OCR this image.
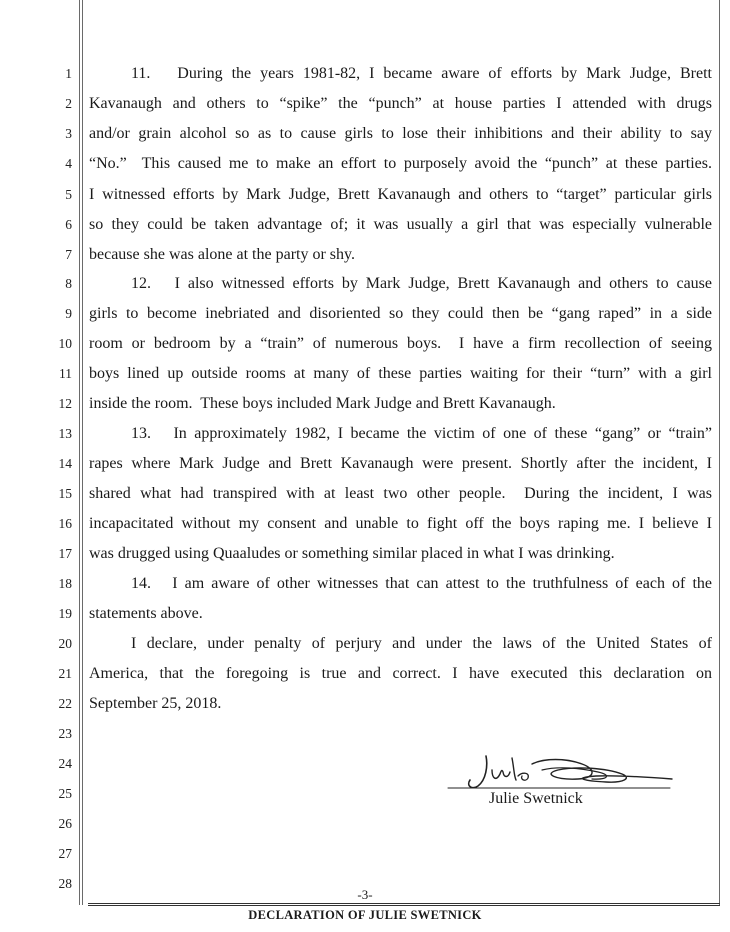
1
2
3
4
5
6
7
8
9
10
11
12
13
14
15
16
17
18
19
20
21
22
23
24
25
26
27
28
11.   During the years 1981-82, I became aware of efforts by Mark Judge, Brett
Kavanaugh and others to “spike” the “punch” at house parties I attended with drugs
and/or grain alcohol so as to cause girls to lose their inhibitions and their ability to say
“No.”  This caused me to make an effort to purposely avoid the “punch” at these parties.
I witnessed efforts by Mark Judge, Brett Kavanaugh and others to “target” particular girls
so they could be taken advantage of; it was usually a girl that was especially vulnerable
because she was alone at the party or shy.
12.   I also witnessed efforts by Mark Judge, Brett Kavanaugh and others to cause
girls to become inebriated and disoriented so they could then be “gang raped” in a side
room or bedroom by a “train” of numerous boys.  I have a firm recollection of seeing
boys lined up outside rooms at many of these parties waiting for their “turn” with a girl
inside the room.  These boys included Mark Judge and Brett Kavanaugh.
13.   In approximately 1982, I became the victim of one of these “gang” or “train”
rapes where Mark Judge and Brett Kavanaugh were present. Shortly after the incident, I
shared what had transpired with at least two other people.  During the incident, I was
incapacitated without my consent and unable to fight off the boys raping me. I believe I
was drugged using Quaaludes or something similar placed in what I was drinking.
14.   I am aware of other witnesses that can attest to the truthfulness of each of the
statements above.
I declare, under penalty of perjury and under the laws of the United States of
America, that the foregoing is true and correct. I have executed this declaration on
September 25, 2018.
Julie Swetnick
-3-
DECLARATION OF JULIE SWETNICK
